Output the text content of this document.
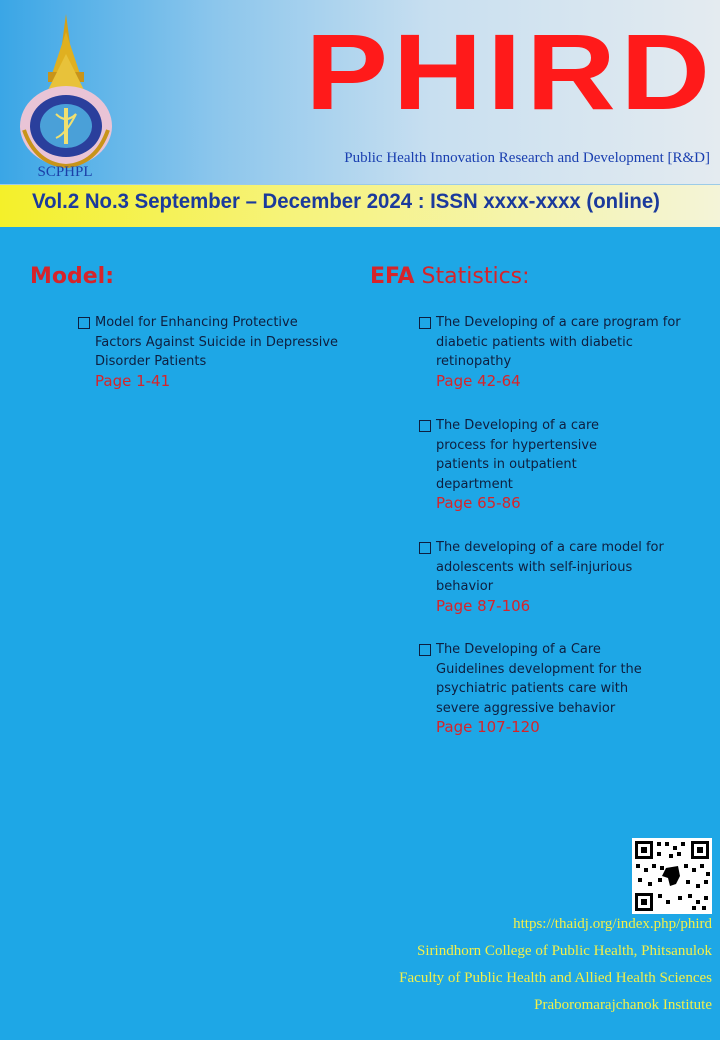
SCPHPL
PHIRD
Public Health Innovation Research and Development [R&D]
Vol.2 No.3 September – December 2024 : ISSN xxxx-xxxx (online)
Model:	EFA Statistics:
Model for Enhancing Protective Factors Against Suicide in Depressive Disorder Patients
Page 1-41
The Developing of a care program for diabetic patients with diabetic retinopathy
Page 42-64
The Developing of a care process for hypertensive patients in outpatient department
Page 65-86
The developing of a care model for adolescents with self-injurious behavior
Page 87-106
The Developing of a Care Guidelines development for the psychiatric patients care with severe aggressive behavior
Page 107-120
https://thaidj.org/index.php/phird
Sirindhorn College of Public Health, Phitsanulok
Faculty of Public Health and Allied Health Sciences
Praboromarajchanok Institute
